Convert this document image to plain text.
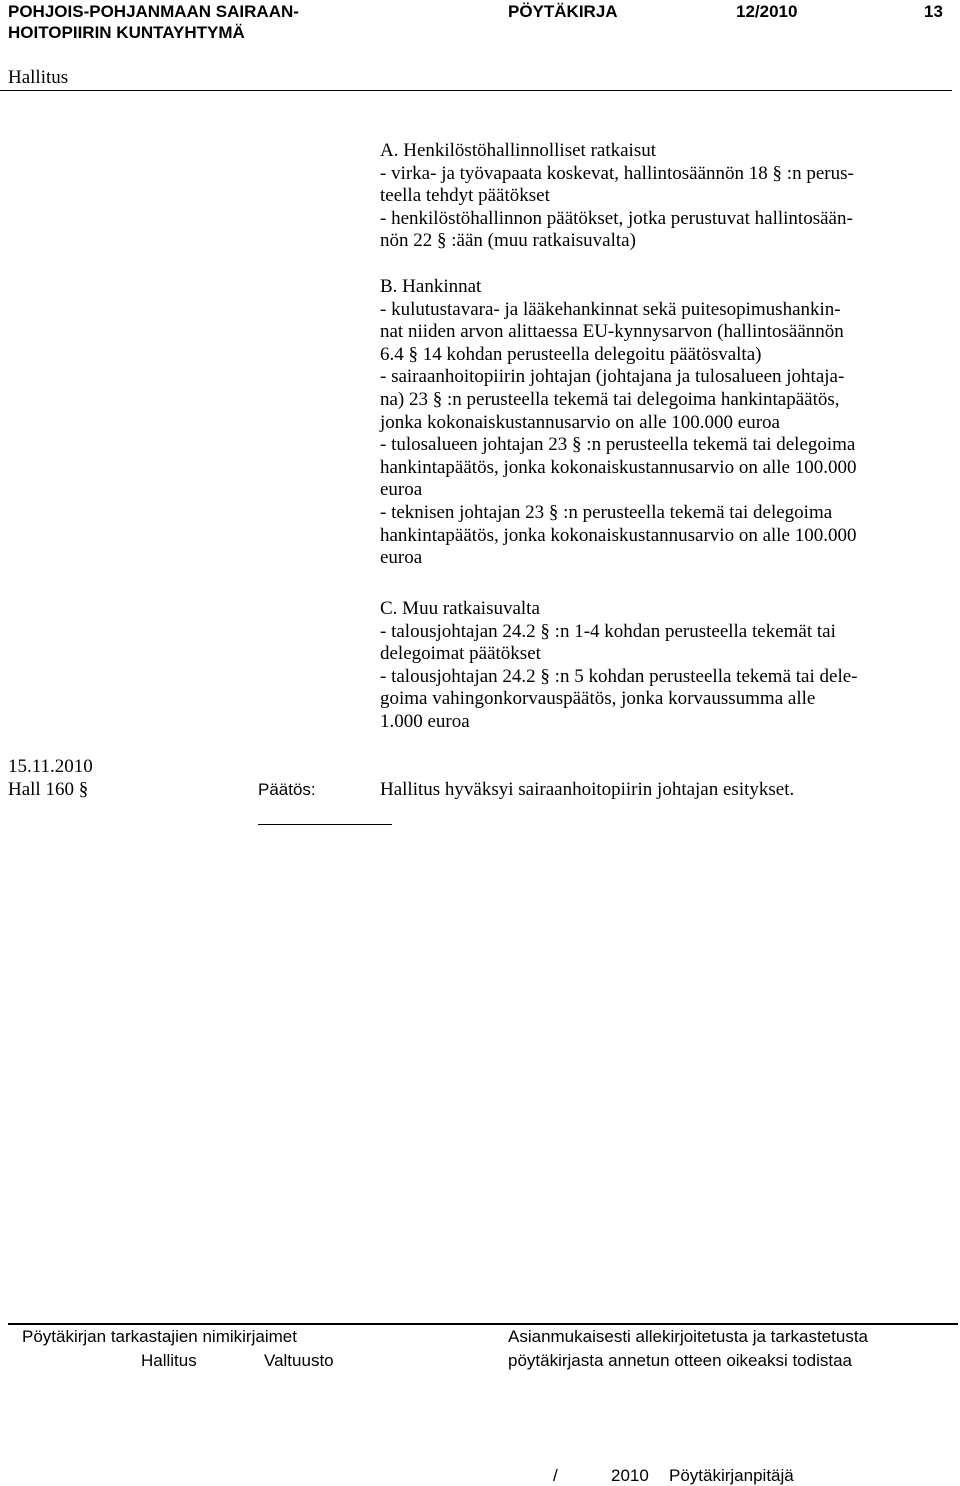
POHJOIS-POHJANMAAN SAIRAAN-
HOITOPIIRIN KUNTAYHTYMÄ
PÖYTÄKIRJA	12/2010	13
Hallitus
A. Henkilöstöhallinnolliset ratkaisut
- virka- ja työvapaata koskevat, hallintosäännön 18 § :n perus-
teella tehdyt päätökset
- henkilöstöhallinnon päätökset, jotka perustuvat hallintosään-
nön 22 § :ään (muu ratkaisuvalta)
B. Hankinnat
- kulutustavara- ja lääkehankinnat sekä puitesopimushankin-
nat niiden arvon alittaessa EU-kynnysarvon (hallintosäännön
6.4 § 14 kohdan perusteella delegoitu päätösvalta)
- sairaanhoitopiirin johtajan (johtajana ja tulosalueen johtaja-
na) 23 § :n perusteella tekemä tai delegoima hankintapäätös,
jonka kokonaiskustannusarvio on alle 100.000 euroa
- tulosalueen johtajan 23 § :n perusteella tekemä tai delegoima
hankintapäätös, jonka kokonaiskustannusarvio on alle 100.000
euroa
- teknisen johtajan 23 § :n perusteella tekemä tai delegoima
hankintapäätös, jonka kokonaiskustannusarvio on alle 100.000
euroa
C. Muu ratkaisuvalta
- talousjohtajan 24.2 § :n 1-4 kohdan perusteella tekemät tai
delegoimat päätökset
- talousjohtajan 24.2 § :n 5 kohdan perusteella tekemä tai dele-
goima vahingonkorvauspäätös, jonka korvaussumma alle
1.000 euroa
15.11.2010
Hall 160 §	Päätös:	Hallitus hyväksyi sairaanhoitopiirin johtajan esitykset.
Pöytäkirjan tarkastajien nimikirjaimet
Hallitus	Valtuusto
Asianmukaisesti allekirjoitetusta ja tarkastetusta
pöytäkirjasta annetun otteen oikeaksi todistaa
/	2010 Pöytäkirjanpitäjä
